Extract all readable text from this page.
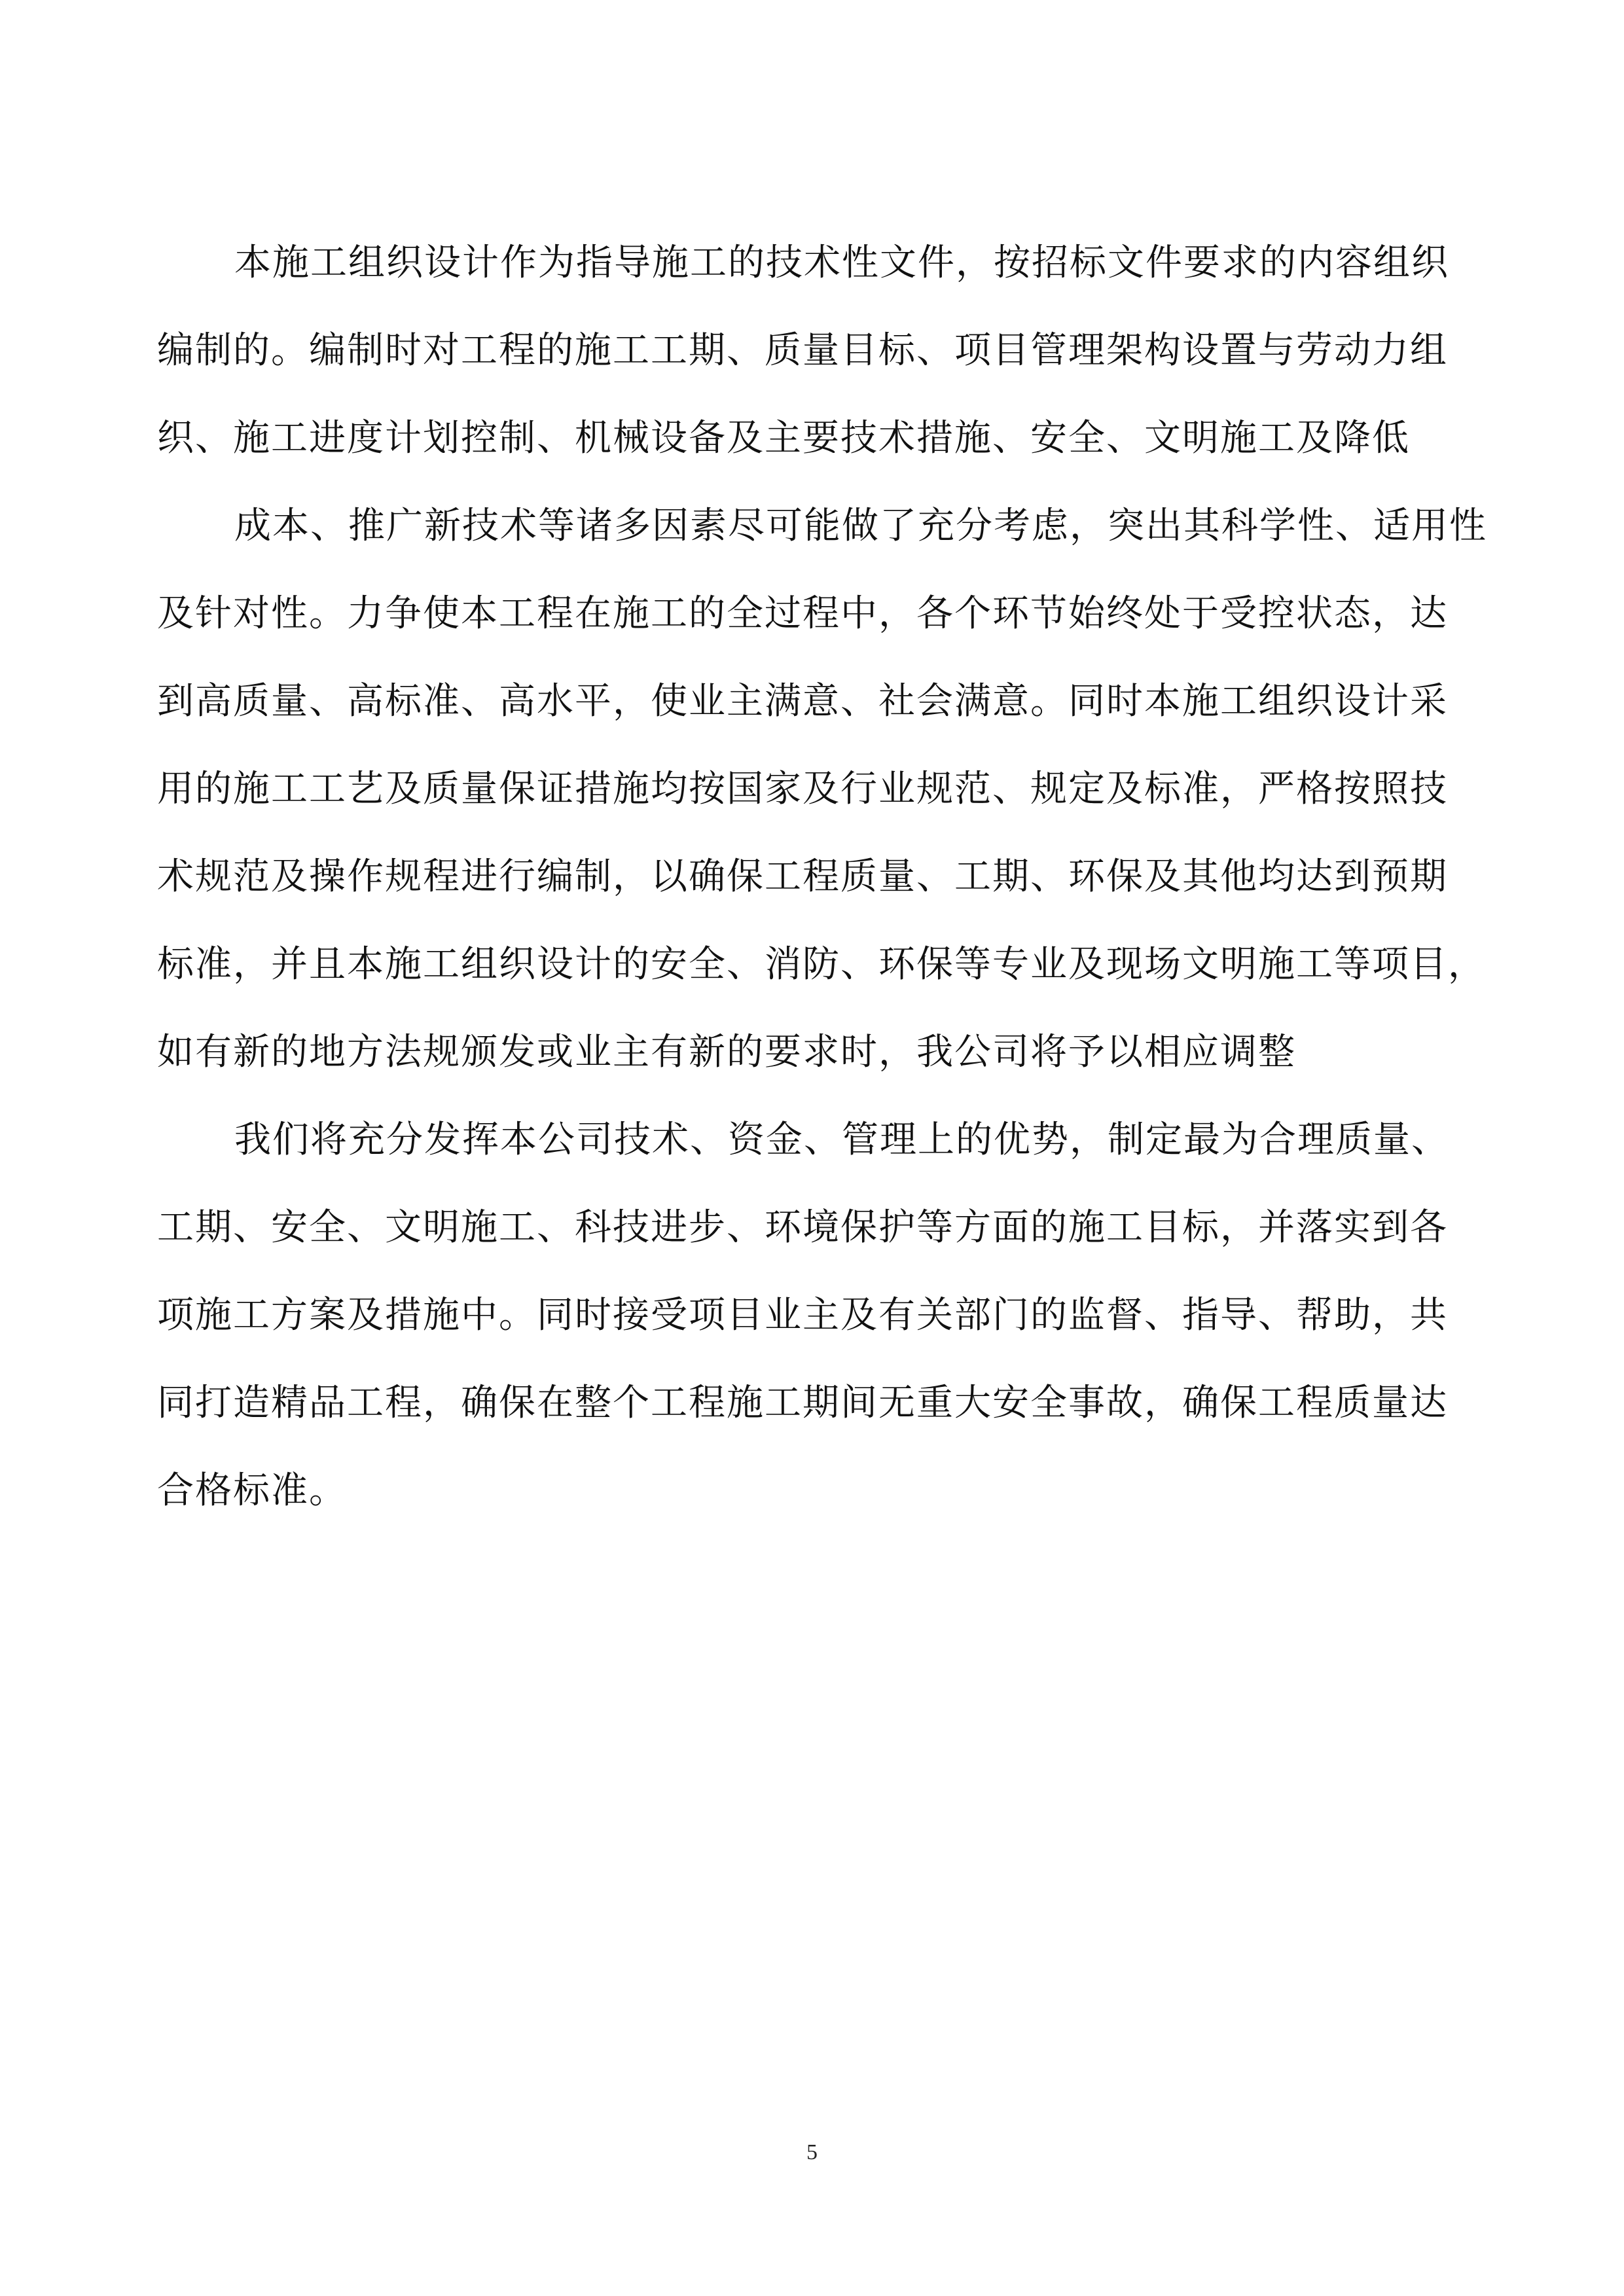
本施工组织设计作为指导施工的技术性文件，按招标文件要求的内容组织
编制的。编制时对工程的施工工期、质量目标、项目管理架构设置与劳动力组
织、施工进度计划控制、机械设备及主要技术措施、安全、文明施工及降低
成本、推广新技术等诸多因素尽可能做了充分考虑，突出其科学性、适用性
及针对性。力争使本工程在施工的全过程中，各个环节始终处于受控状态，达
到高质量、高标准、高水平，使业主满意、社会满意。同时本施工组织设计采
用的施工工艺及质量保证措施均按国家及行业规范、规定及标准，严格按照技
术规范及操作规程进行编制，以确保工程质量、工期、环保及其他均达到预期
标准，并且本施工组织设计的安全、消防、环保等专业及现场文明施工等项目，
如有新的地方法规颁发或业主有新的要求时，我公司将予以相应调整
我们将充分发挥本公司技术、资金、管理上的优势，制定最为合理质量、
工期、安全、文明施工、科技进步、环境保护等方面的施工目标，并落实到各
项施工方案及措施中。同时接受项目业主及有关部门的监督、指导、帮助，共
同打造精品工程，确保在整个工程施工期间无重大安全事故，确保工程质量达
合格标准。
5
